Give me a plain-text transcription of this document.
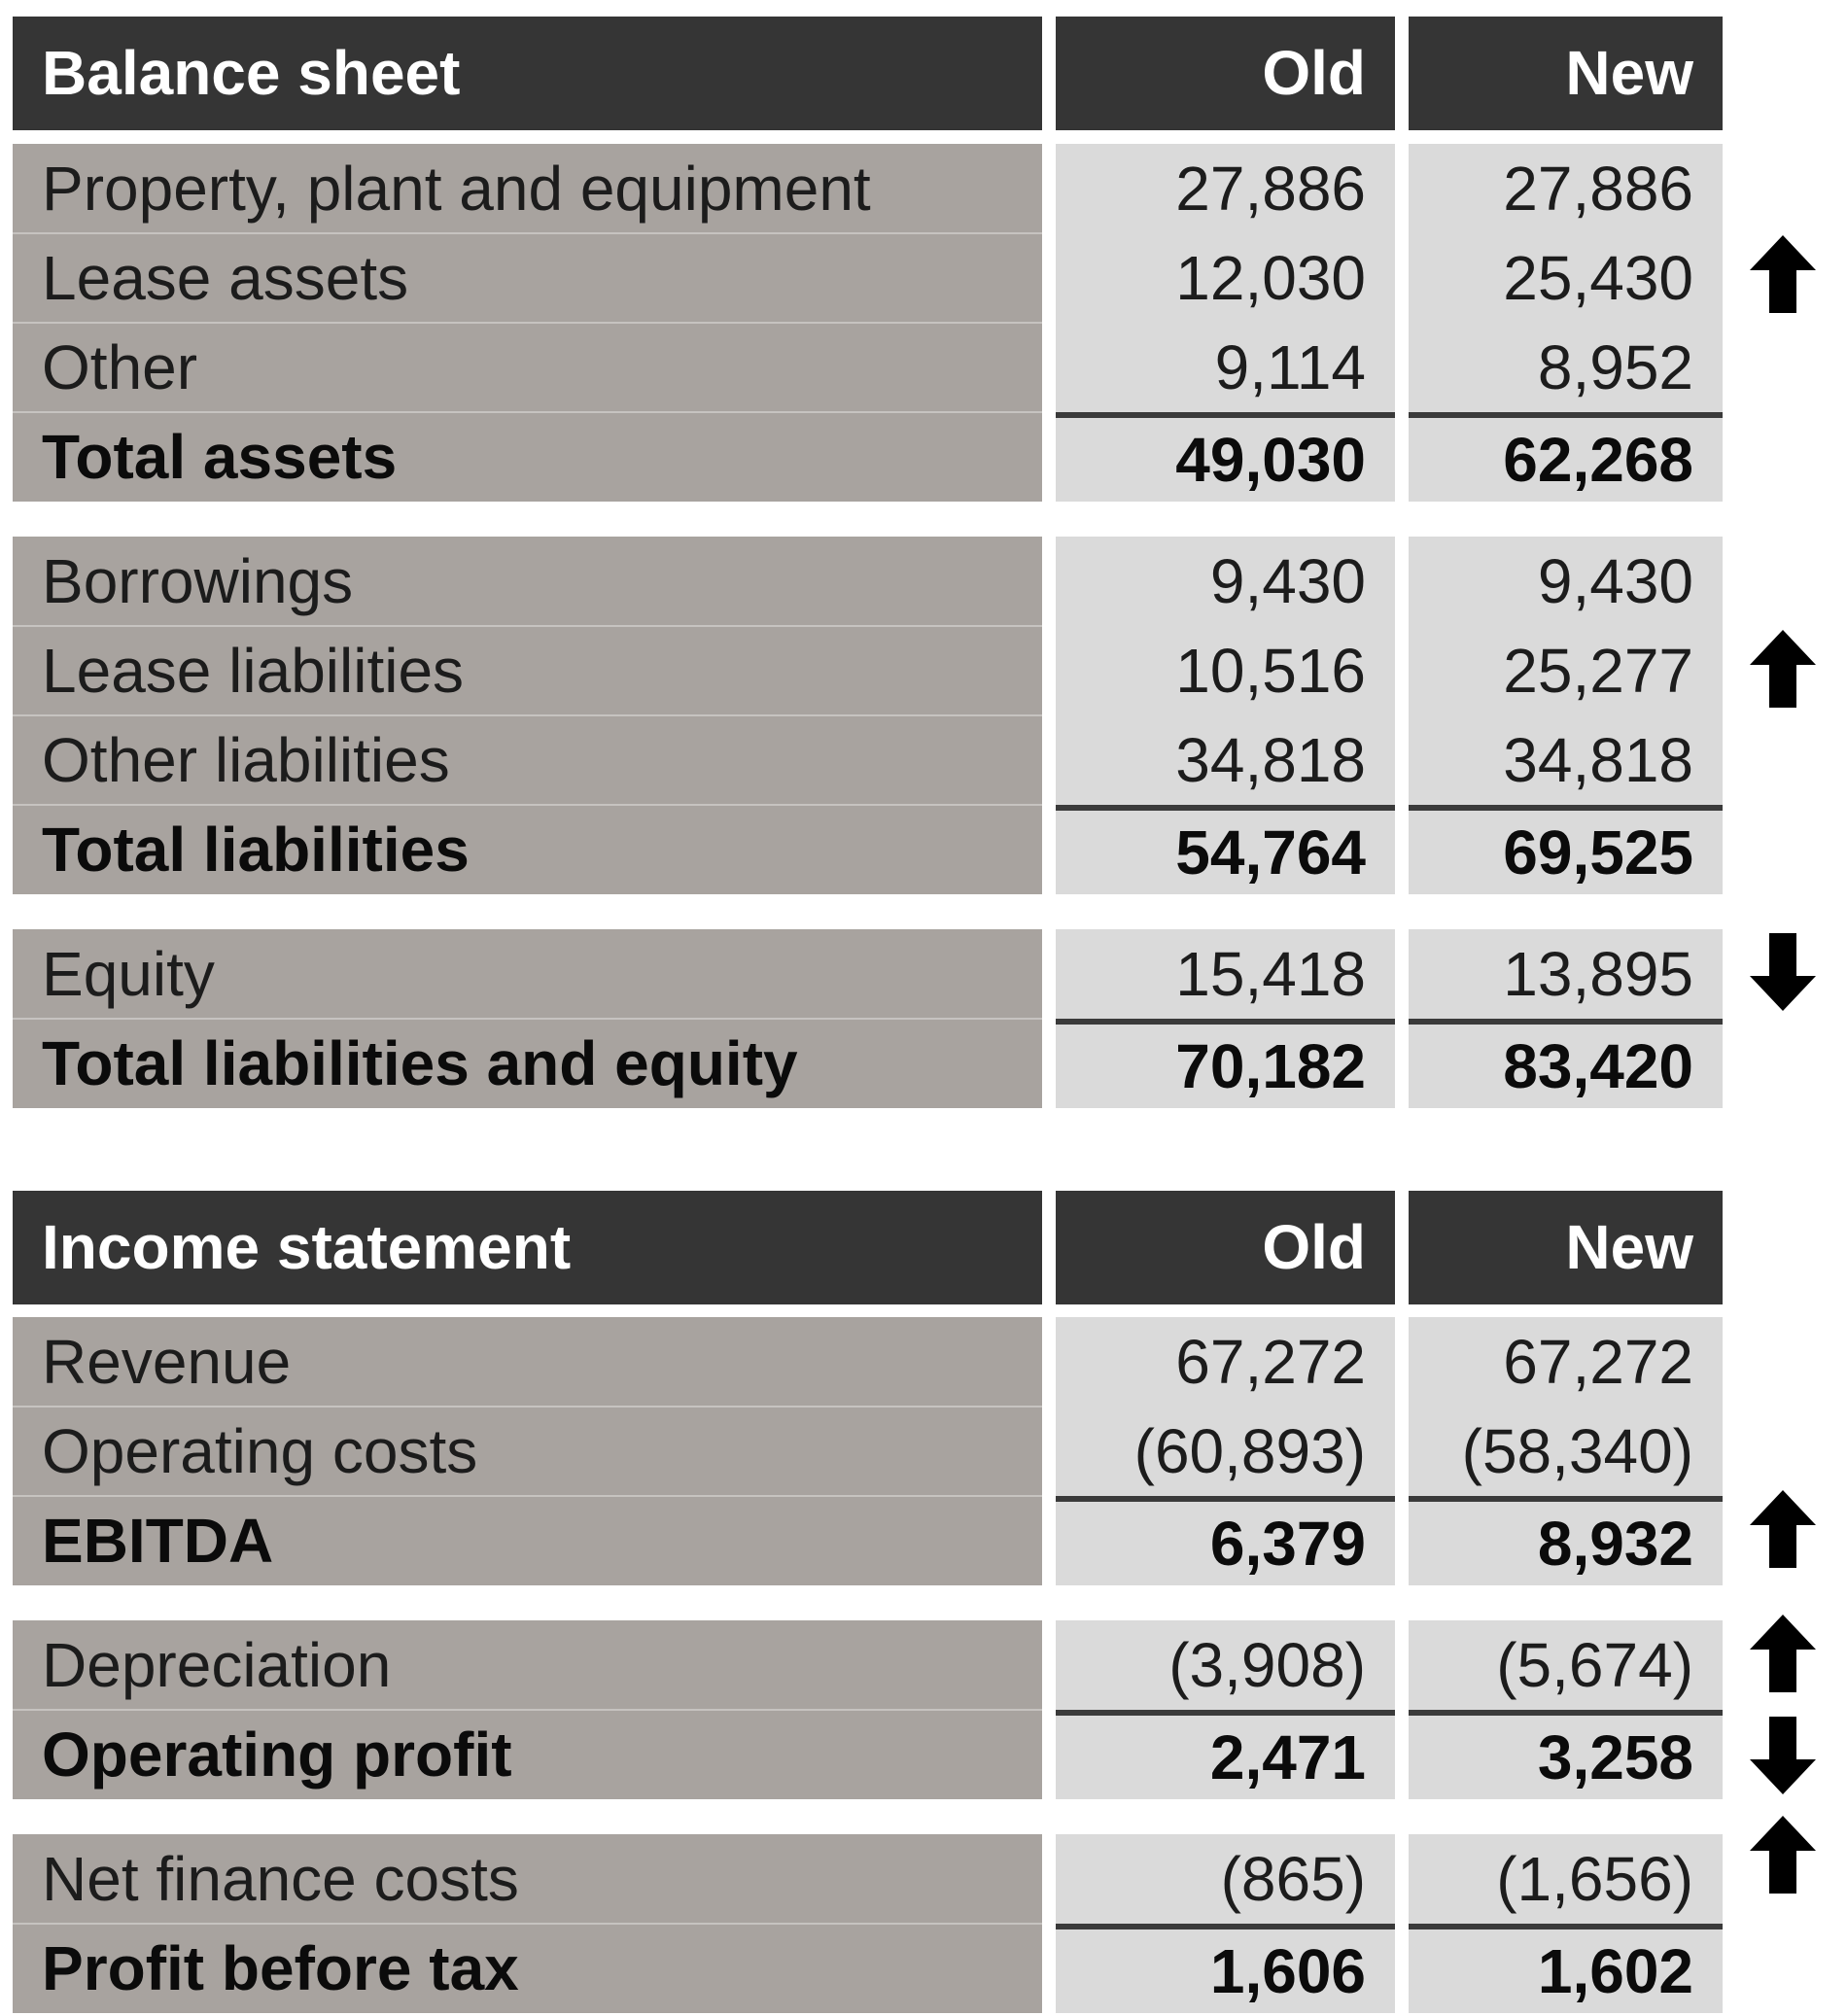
Balance sheet	Old	New
Property, plant and equipment	27,886	27,886
Lease assets	12,030	25,430
Other	9,114	8,952
Total assets	49,030	62,268
Borrowings	9,430	9,430
Lease liabilities	10,516	25,277
Other liabilities	34,818	34,818
Total liabilities	54,764	69,525
Equity	15,418	13,895
Total liabilities and equity	70,182	83,420
Income statement	Old	New
Revenue	67,272	67,272
Operating costs	(60,893)	(58,340)
EBITDA	6,379	8,932
Depreciation	(3,908)	(5,674)
Operating profit	2,471	3,258
Net finance costs	(865)	(1,656)
Profit before tax	1,606	1,602
